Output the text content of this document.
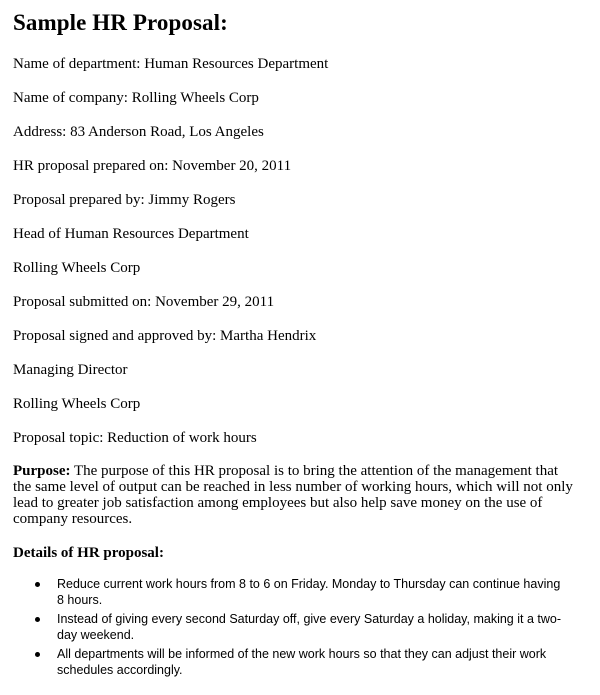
Sample HR Proposal:

Name of department: Human Resources Department

Name of company: Rolling Wheels Corp

Address: 83 Anderson Road, Los Angeles

HR proposal prepared on: November 20, 2011

Proposal prepared by: Jimmy Rogers

Head of Human Resources Department

Rolling Wheels Corp

Proposal submitted on: November 29, 2011

Proposal signed and approved by: Martha Hendrix

Managing Director

Rolling Wheels Corp

Proposal topic: Reduction of work hours

Purpose: The purpose of this HR proposal is to bring the attention of the management that the same level of output can be reached in less number of working hours, which will not only lead to greater job satisfaction among employees but also help save money on the use of company resources.

Details of HR proposal:

Reduce current work hours from 8 to 6 on Friday. Monday to Thursday can continue having 8 hours.
Instead of giving every second Saturday off, give every Saturday a holiday, making it a two-day weekend.
All departments will be informed of the new work hours so that they can adjust their work schedules accordingly.
